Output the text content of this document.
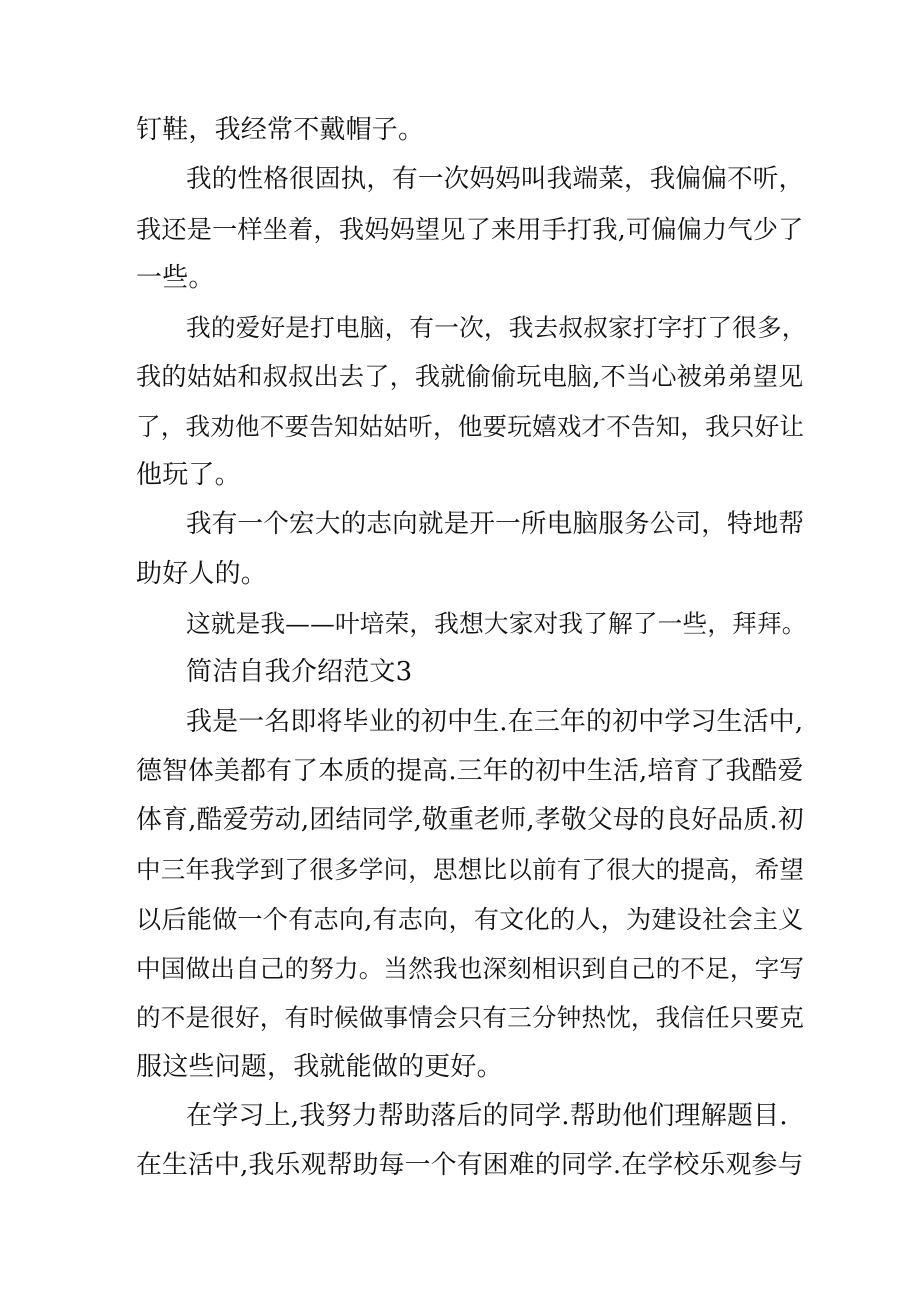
钉鞋，我经常不戴帽子。
我的性格很固执，有一次妈妈叫我端菜，我偏偏不听，
我还是一样坐着，我妈妈望见了来用手打我,可偏偏力气少了
一些。
我的爱好是打电脑，有一次，我去叔叔家打字打了很多，
我的姑姑和叔叔出去了，我就偷偷玩电脑,不当心被弟弟望见
了，我劝他不要告知姑姑听，他要玩嬉戏才不告知，我只好让
他玩了。
我有一个宏大的志向就是开一所电脑服务公司，特地帮
助好人的。
这就是我——叶培荣，我想大家对我了解了一些，拜拜。
简洁自我介绍范文3
我是一名即将毕业的初中生.在三年的初中学习生活中,
德智体美都有了本质的提高.三年的初中生活,培育了我酷爱
体育,酷爱劳动,团结同学,敬重老师,孝敬父母的良好品质.初
中三年我学到了很多学问，思想比以前有了很大的提高，希望
以后能做一个有志向,有志向，有文化的人，为建设社会主义
中国做出自己的努力。当然我也深刻相识到自己的不足，字写
的不是很好，有时候做事情会只有三分钟热忱，我信任只要克
服这些问题，我就能做的更好。
在学习上,我努力帮助落后的同学.帮助他们理解题目.
在生活中,我乐观帮助每一个有困难的同学.在学校乐观参与
